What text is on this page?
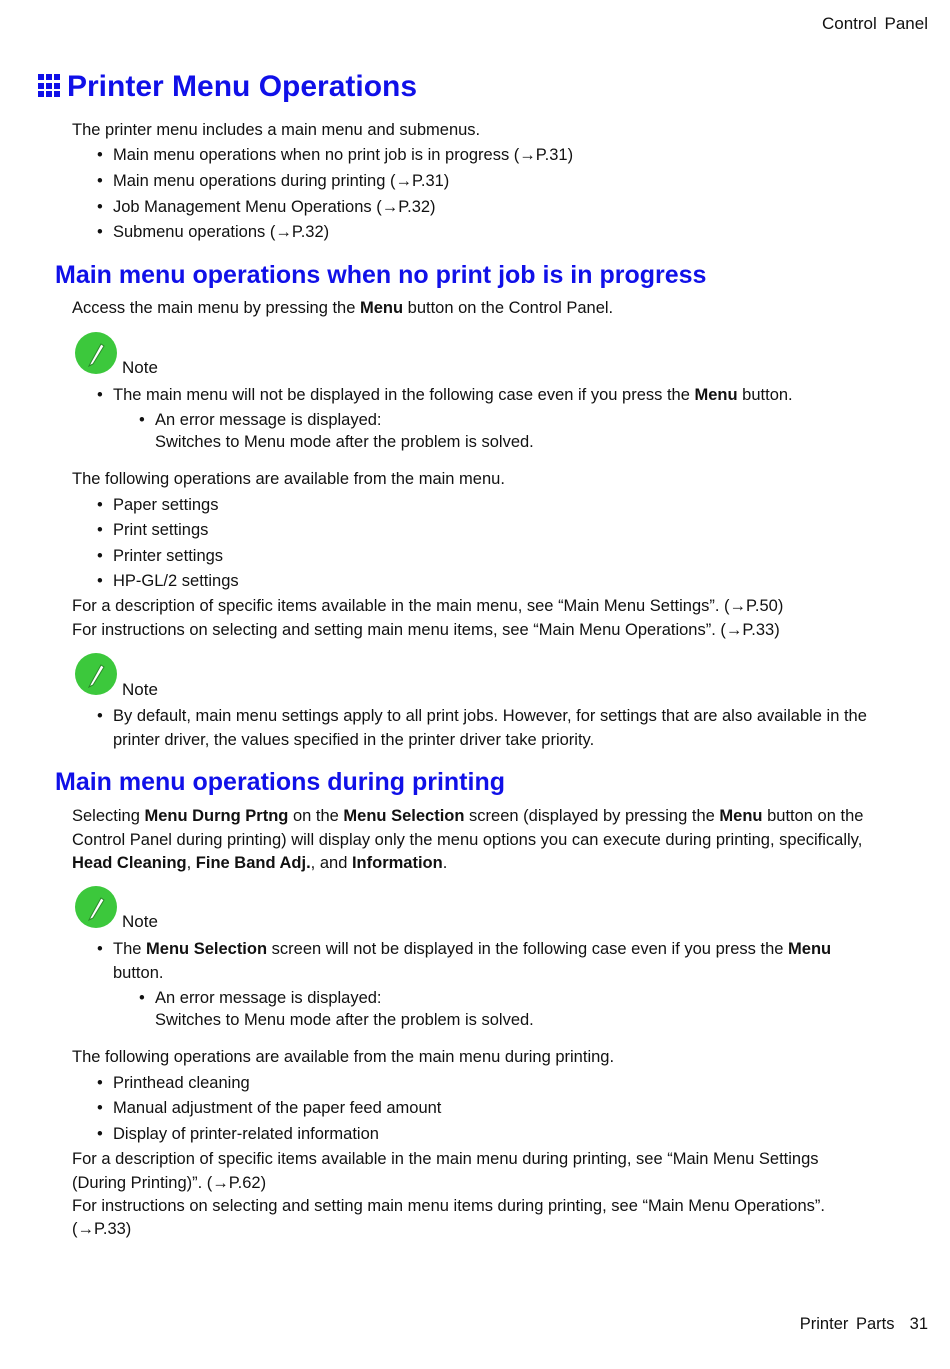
Control Panel
Printer Menu Operations
The printer menu includes a main menu and submenus.
• Main menu operations when no print job is in progress (→P.31)
• Main menu operations during printing (→P.31)
• Job Management Menu Operations (→P.32)
• Submenu operations (→P.32)
Main menu operations when no print job is in progress
Access the main menu by pressing the Menu button on the Control Panel.
Note
• The main menu will not be displayed in the following case even if you press the Menu button.
• An error message is displayed:
Switches to Menu mode after the problem is solved.
The following operations are available from the main menu.
• Paper settings
• Print settings
• Printer settings
• HP-GL/2 settings
For a description of specific items available in the main menu, see “Main Menu Settings”. (→P.50)
For instructions on selecting and setting main menu items, see “Main Menu Operations”. (→P.33)
Note
• By default, main menu settings apply to all print jobs. However, for settings that are also available in the
printer driver, the values specified in the printer driver take priority.
Main menu operations during printing
Selecting Menu Durng Prtng on the Menu Selection screen (displayed by pressing the Menu button on the
Control Panel during printing) will display only the menu options you can execute during printing, specifically,
Head Cleaning, Fine Band Adj., and Information.
Note
• The Menu Selection screen will not be displayed in the following case even if you press the Menu
button.
• An error message is displayed:
Switches to Menu mode after the problem is solved.
The following operations are available from the main menu during printing.
• Printhead cleaning
• Manual adjustment of the paper feed amount
• Display of printer-related information
For a description of specific items available in the main menu during printing, see “Main Menu Settings
(During Printing)”. (→P.62)
For instructions on selecting and setting main menu items during printing, see “Main Menu Operations”.
(→P.33)
Printer Parts 31
